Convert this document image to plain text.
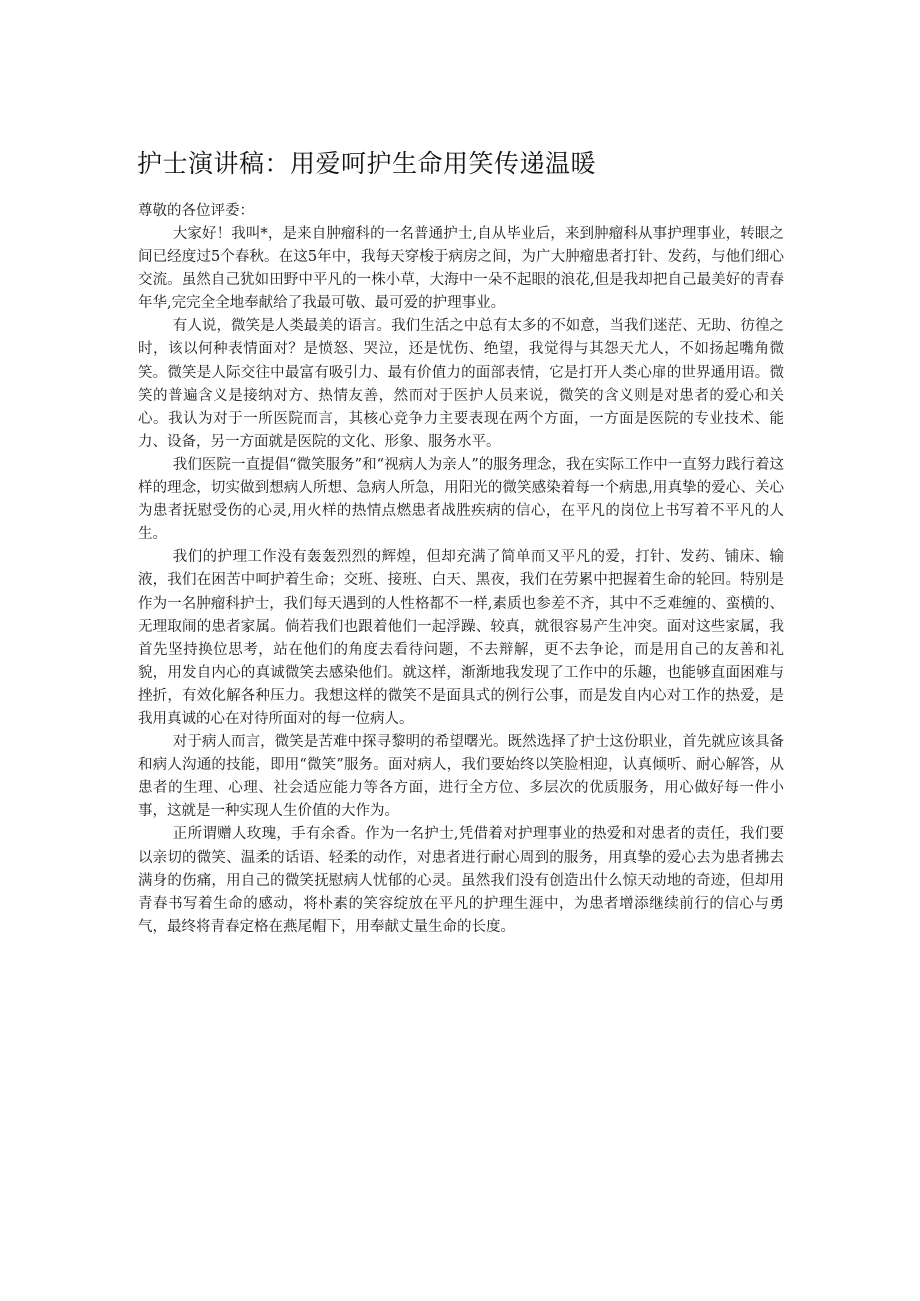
护士演讲稿：用爱呵护生命用笑传递温暖

尊敬的各位评委：

大家好！我叫*，是来自肿瘤科的一名普通护士,自从毕业后，来到肿瘤科从事护理事业，转眼之间已经度过5个春秋。在这5年中，我每天穿梭于病房之间，为广大肿瘤患者打针、发药，与他们细心交流。虽然自己犹如田野中平凡的一株小草，大海中一朵不起眼的浪花,但是我却把自己最美好的青春年华,完完全全地奉献给了我最可敬、最可爱的护理事业。

有人说，微笑是人类最美的语言。我们生活之中总有太多的不如意，当我们迷茫、无助、彷徨之时，该以何种表情面对？是愤怒、哭泣，还是忧伤、绝望，我觉得与其怨天尤人，不如扬起嘴角微笑。微笑是人际交往中最富有吸引力、最有价值力的面部表情，它是打开人类心扉的世界通用语。微笑的普遍含义是接纳对方、热情友善，然而对于医护人员来说，微笑的含义则是对患者的爱心和关心。我认为对于一所医院而言，其核心竞争力主要表现在两个方面，一方面是医院的专业技术、能力、设备，另一方面就是医院的文化、形象、服务水平。

我们医院一直提倡“微笑服务”和“视病人为亲人”的服务理念，我在实际工作中一直努力践行着这样的理念，切实做到想病人所想、急病人所急，用阳光的微笑感染着每一个病患,用真挚的爱心、关心为患者抚慰受伤的心灵,用火样的热情点燃患者战胜疾病的信心，在平凡的岗位上书写着不平凡的人生。

我们的护理工作没有轰轰烈烈的辉煌，但却充满了简单而又平凡的爱，打针、发药、铺床、输液，我们在困苦中呵护着生命；交班、接班、白天、黑夜，我们在劳累中把握着生命的轮回。特别是作为一名肿瘤科护士，我们每天遇到的人性格都不一样,素质也参差不齐，其中不乏难缠的、蛮横的、无理取闹的患者家属。倘若我们也跟着他们一起浮躁、较真，就很容易产生冲突。面对这些家属，我首先坚持换位思考，站在他们的角度去看待问题，不去辩解，更不去争论，而是用自己的友善和礼貌，用发自内心的真诚微笑去感染他们。就这样，渐渐地我发现了工作中的乐趣，也能够直面困难与挫折，有效化解各种压力。我想这样的微笑不是面具式的例行公事，而是发自内心对工作的热爱，是我用真诚的心在对待所面对的每一位病人。

对于病人而言，微笑是苦难中探寻黎明的希望曙光。既然选择了护士这份职业，首先就应该具备和病人沟通的技能，即用“微笑”服务。面对病人，我们要始终以笑脸相迎，认真倾听、耐心解答，从患者的生理、心理、社会适应能力等各方面，进行全方位、多层次的优质服务，用心做好每一件小事，这就是一种实现人生价值的大作为。

正所谓赠人玫瑰，手有余香。作为一名护士,凭借着对护理事业的热爱和对患者的责任，我们要以亲切的微笑、温柔的话语、轻柔的动作，对患者进行耐心周到的服务，用真挚的爱心去为患者拂去满身的伤痛，用自己的微笑抚慰病人忧郁的心灵。虽然我们没有创造出什么惊天动地的奇迹，但却用青春书写着生命的感动，将朴素的笑容绽放在平凡的护理生涯中，为患者增添继续前行的信心与勇气，最终将青春定格在燕尾帽下，用奉献丈量生命的长度。
